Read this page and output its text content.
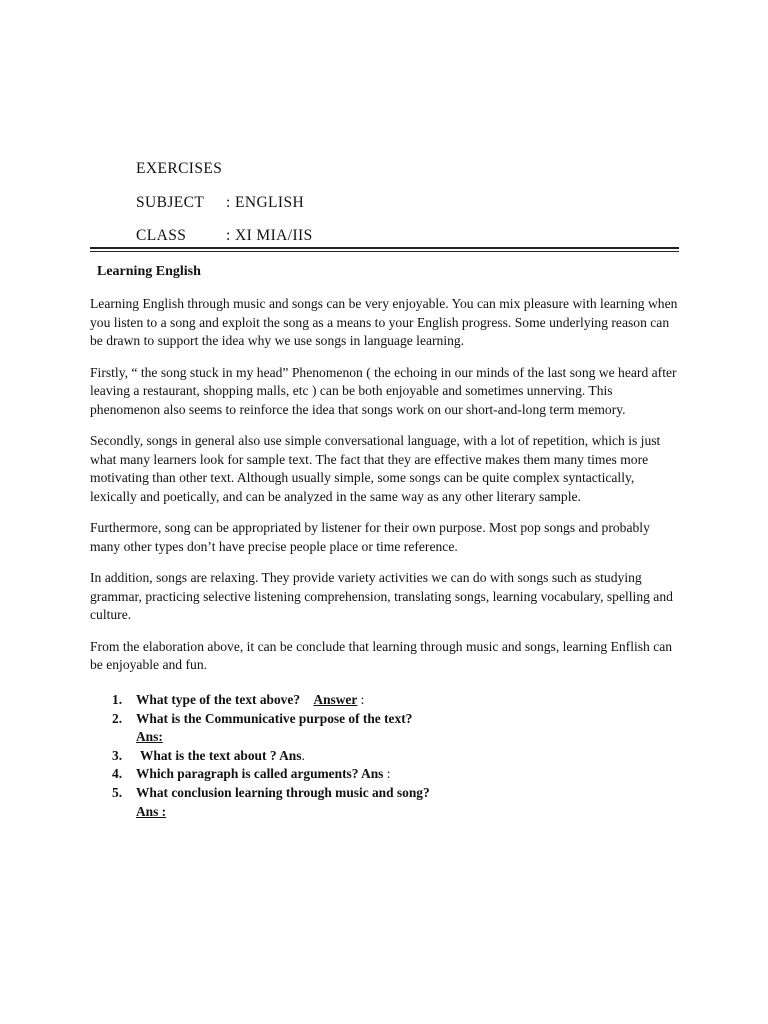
EXERCISES
SUBJECT : ENGLISH
CLASS	: XI MIA/IIS
Learning English

Learning English through music and songs can be very enjoyable. You can mix pleasure with learning when you listen to a song and exploit the song as a means to your English progress. Some underlying reason can be drawn to support the idea why we use songs in language learning.

Firstly, “ the song stuck in my head” Phenomenon ( the echoing in our minds of the last song we heard after leaving a restaurant, shopping malls, etc ) can be both enjoyable and sometimes unnerving. This phenomenon also seems to reinforce the idea that songs work on our short-and-long term memory.

Secondly, songs in general also use simple conversational language, with a lot of repetition, which is just what many learners look for sample text. The fact that they are effective makes them many times more motivating than other text. Although usually simple, some songs can be quite complex syntactically, lexically and poetically, and can be analyzed in the same way as any other literary sample.

Furthermore, song can be appropriated by listener for their own purpose. Most pop songs and probably many other types don’t have precise people place or time reference.

In addition, songs are relaxing. They provide variety activities we can do with songs such as studying grammar, practicing selective listening comprehension, translating songs, learning vocabulary, spelling and culture.

From the elaboration above, it can be conclude that learning through music and songs, learning Enflish can be enjoyable and fun.

1.	What type of the text above? Answer :
2.	What is the Communicative purpose of the text?
Ans:
3.	What is the text about ? Ans.
4.	Which paragraph is called arguments? Ans :
5.	What conclusion learning through music and song?
Ans :
